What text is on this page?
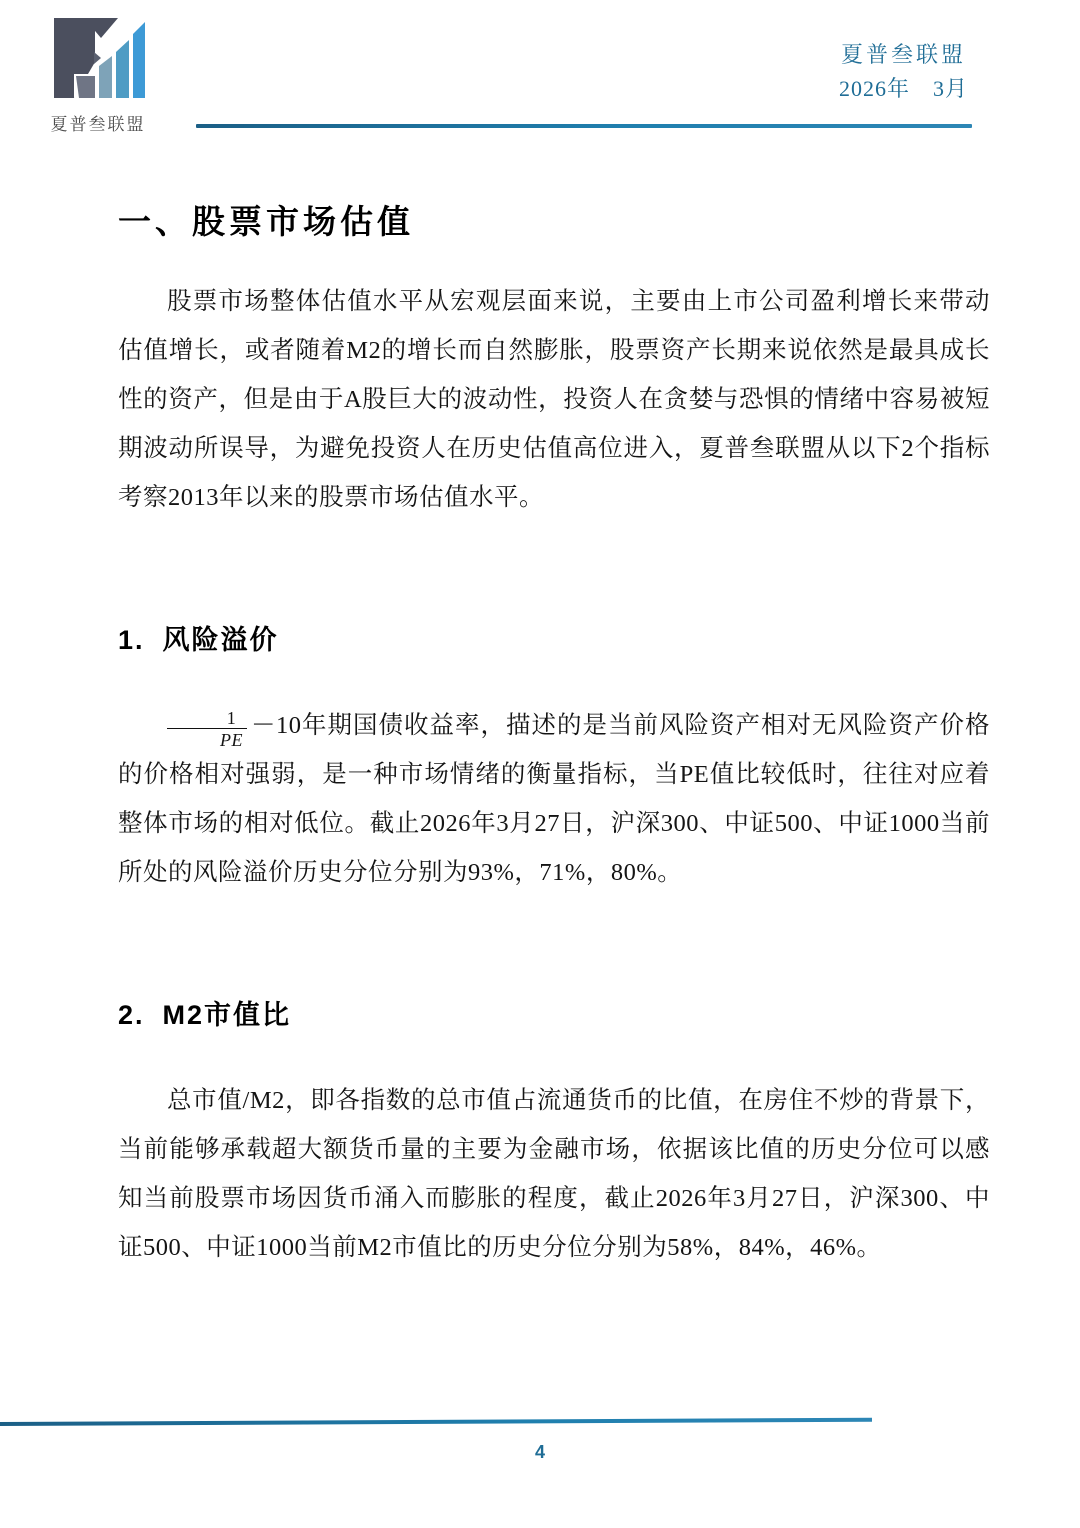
夏普叁联盟
夏普叁联盟
2026年　3月
一、股票市场估值

股票市场整体估值水平从宏观层面来说，主要由上市公司盈利增长来带动估值增长，或者随着M2的增长而自然膨胀，股票资产长期来说依然是最具成长性的资产，但是由于A股巨大的波动性，投资人在贪婪与恐惧的情绪中容易被短期波动所误导，为避免投资人在历史估值高位进入，夏普叁联盟从以下2个指标考察2013年以来的股票市场估值水平。

1. 风险溢价

$\frac{1}{PE} -10$年期国债收益率，描述的是当前风险资产相对无风险资产价格的价格相对强弱，是一种市场情绪的衡量指标，当PE值比较低时，往往对应着整体市场的相对低位。截止2026年3月27日，沪深300、中证500、中证1000当前所处的风险溢价历史分位分别为93%，71%，80%。

2. M2市值比

总市值/M2，即各指数的总市值占流通货币的比值，在房住不炒的背景下，当前能够承载超大额货币量的主要为金融市场，依据该比值的历史分位可以感知当前股票市场因货币涌入而膨胀的程度，截止2026年3月27日，沪深300、中证500、中证1000当前M2市值比的历史分位分别为58%，84%，46%。

4
